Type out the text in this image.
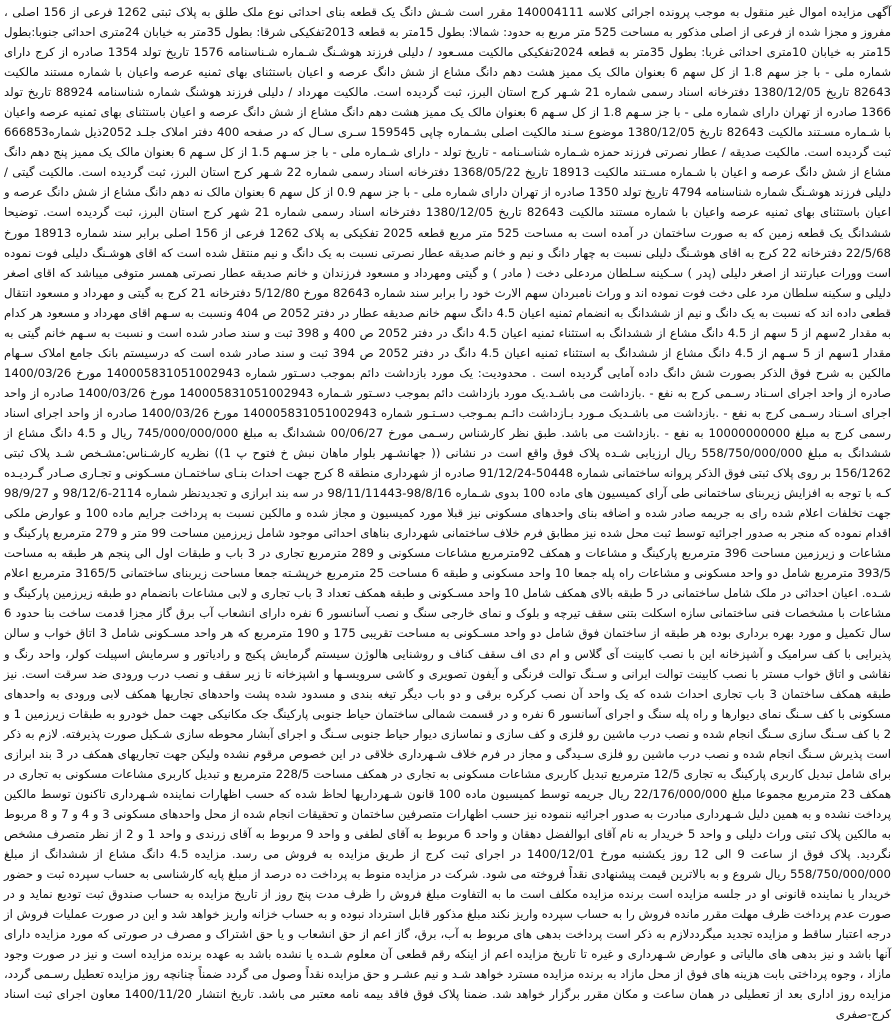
آگهی مزایده اموال غیر منقول به موجب پرونده اجرائی کلاسه 140004111 مقرر است شـش دانگ یک قطعه بنای احداثی نوع ملک طلق به پلاک ثبتی 1262 فرعی از 156 اصلی ، مفروز و مجزا شده از فرعی از اصلی مذکور به مساحت 525 متر مربع به حدود: شمالا: بطول 15متر به قطعه 2013تفکیکی شرقا: بطول 35متر به خیابان 24متری احداثی جنوبا:بطول 15متر به خیابان 10متری احداثی غربا: بطول 35متر به قطعه 2024تفکیکی مالکیت مسـعود / دلیلی فرزند هوشـنگ شـماره شـناسنامه 1576 تاریخ تولد 1354 صادره از کرج دارای شماره ملی - با جز سهم 1.8 از کل سهم 6 بعنوان مالک یک ممیز هشت دهم دانگ مشاع از شش دانگ عرصه و اعیان باستثنای بهای ثمنیه عرصه واعیان با شماره مستند مالکیت 82643 تاریخ 1380/12/05 دفترخانه اسناد رسمی شماره 21 شـهر کرج استان البرز، ثبت گردیده است. مالکیت مهرداد / دلیلی فرزند هوشنگ شماره شناسنامه 88924 تاریخ تولد 1366 صادره از تهران دارای شماره ملی - با جز سـهم 1.8 از کل سـهم 6 بعنوان مالک یک ممیز هشت دهم دانگ مشاع از شش دانگ عرصه و اعیان باستثنای بهای ثمنیه عرصه واعیان با شـماره مسـتند مالکیت 82643 تاریخ 1380/12/05 موضوع سـند مالکیت اصلی بشـماره چاپی 159545 سـری سـال که در صفحه 400 دفتر املاک جلـد 2052ذیل شماره666853 ثبت گردیده است. مالکیت صدیقه / عطار نصرتی فرزند حمزه شـماره شناسـنامه - تاریخ تولد - دارای شـماره ملی - با جز سـهم 1.5 از کل سـهم 6 بعنوان مالک یک ممیز پنج دهم دانگ مشاع از شش دانگ عرصه و اعیان با شـماره مسـتند مالکیت 18913 تاریخ 1368/05/22 دفترخانه اسناد رسمی شماره 22 شـهر کرج استان البرز، ثبت گردیده است. مالکیت گیتی / دلیلی فرزند هوشـنگ شماره شناسنامه 4794 تاریخ تولد 1350 صادره از تهران دارای شماره ملی - با جز سهم 0.9 از کل سهم 6 بعنوان مالک نه دهم دانگ مشاع از شش دانگ عرصه و اعیان باستثنای بهای ثمنیه عرصه واعیان با شماره مستند مالکیت 82643 تاریخ 1380/12/05 دفترخانه اسناد رسمی شماره 21 شهر کرج استان البرز، ثبت گردیده است. توضیحا ششدانگ یک قطعه زمین که به صورت ساختمان در آمده است به مساحت 525 متر مربع قطعه 2025 تفکیکی به پلاک 1262 فرعی از 156 اصلی برابر سند شماره 18913 مورخ 22/5/68 دفترخانه 22 کرج به اقای هوشـنگ دلیلی نسبت به چهار دانگ و نیم و خانم صدیقه عطار نصرتی نسبت به یک دانگ و نیم منتقل شده است که اقای هوشـنگ دلیلی فوت نموده است وورات عبارتند از اصغر دلیلی (پدر ) سـکینه سـلطان مردعلی دخت ( مادر ) و گیتی ومهرداد و مسعود فرزندان و خانم صدیقه عطار نصرتی همسر متوفی میباشد که اقای اصغر دلیلی و سکینه سلطان مرد علی دخت فوت نموده اند و وراث نامبردان سهم الارث خود را برابر سند شماره 82643 مورخ 5/12/80 دفترخانه 21 کرج به گیتی و مهرداد و مسعود انتقال قطعی داده اند که نسبت به یک دانگ و نیم از ششدانگ به انضمام ثمنیه اعیان 4.5 دانگ سهم خانم صدیقه عطار در دفتر 2052 ص 404 ونسبت به سـهم اقای مهرداد و مسعود هر کدام به مقدار 2سهم از 5 سهم از 4.5 دانگ مشاع از ششدانگ به استثناء ثمنیه اعیان 4.5 دانگ در دفتر 2052 ص 400 و 398 ثبت و سند صادر شده است و نسبت به سـهم خانم گیتی به مقدار 1سهم از 5 سـهم از 4.5 دانگ مشاع از ششدانگ به استثناء ثمنیه اعیان 4.5 دانگ در دفتر 2052 ص 394 ثبت و سند صادر شده است که درسیستم بانک جامع املاک سـهام مالکین به شرح فوق الذکر بصورت شش دانگ داده آمایی گردیده است . محدودیت: یک مورد بازداشت دائم بموجب دسـتور شماره 140005831051002943 مورخ 1400/03/26 صادره از واحد اجرای اسـناد رسـمی کرج به نفع - .بازداشت می باشـد.یک مورد بازداشت دائم بموجب دسـتور شـماره 140005831051002943 مورخ 1400/03/26 صادره از واحد اجرای اسـناد رسـمی کرج به نفع - .بازداشت می باشـدیک مـورد بـازداشت دائـم بمـوجب دسـتـور شماره 140005831051002943 مورخ 1400/03/26 صادره از واحد اجرای اسناد رسمی کرج به مبلغ 10000000000 به نفع - .بازداشت می باشد. طبق نظر کارشناس رسـمی مورخ 00/06/27 ششدانگ به مبلغ 745/000/000/000 ریال و 4.5 دانگ مشاع از ششدانگ به مبلغ 558/750/000/000 ریال ارزیابی شـده پلاک فوق واقع است در نشانی (( جهانشـهر بلوار ماهان نبش خ فتوح پ 1)) نظریه کارشـناس:مشـخص شـد پلاک ثبتی 156/1262 بر روی پلاک ثبتی فوق الذکر پروانه ساختمانی شماره 50448-91/12/24 صادره از شهرداری منطقه 8 کرج جهت احداث بنـای ساختمـان مسـکونی و تجـاری صـادر گـردیـده کـه با توجه به افزایش زیربنای ساختمانی طی آرای کمیسیون های ماده 100 بدوی شـماره 98/8/16-98/11/11443 در سه بند ابرازی و تجدیدنظر شماره 2114-98/12/6 و 98/9/27 جهت تخلفات اعلام شده رای به جریمه صادر شده و اضافه بنای واحدهای مسکونی نیز قبلا مورد کمیسیون و مجاز شده و مالکین نسبت به پرداخت جرایم ماده 100 و عوارض ملکی اقدام نموده که منجر به صدور اجرائیه توسط ثبت محل شده نیز مطابق فرم خلاف ساختمانی شهرداری بناهای احداثی موجود شامل زیرزمین مساحت 99 متر و 279 مترمربع پارکینگ و مشاعات و زیرزمین مساحت 396 مترمربع پارکینگ و مشاعات و همکف 92مترمربع مشاعات مسکونی و 289 مترمربع تجاری در 3 باب و طبقات اول الی پنجم هر طبقه به مساحت 393/5 مترمربع شامل دو واحد مسکونی و مشاعات راه پله جمعا 10 واحد مسکونی و طبقه 6 مساحت 25 مترمربع خرپشـته جمعا مساحت زیربنای ساختمانی 3165/5 مترمربع اعلام شـده. اعیان احداثی در ملک شامل ساختمانی در 5 طبقه بالای همکف شامل 10 واحد مسـکونی و طبقه همکف تعداد 3 باب تجاری و لابی مشاعات بانضمام دو طبقه زیرزمین پارکینگ و مشاعات با مشخصات فنی ساختمانی سازه اسکلت بتنی سقف تیرچه و بلوک و نمای خارجی سنگ و نصب آسانسور 6 نفره دارای انشعاب آب برق گاز مجزا قدمت ساخت بنا حدود 6 سال تکمیل و مورد بهره برداری بوده هر طبقه از ساختمان فوق شامل دو واحد مسـکونی به مساحت تقریبی 175 و 190 مترمربع که هر واحد مسـکونی شامل 3 اتاق خواب و سالن پذیرایی با کف سرامیک و آشپزخانه این با نصب کابینت آی گلاس و ام دی اف سقف کناف و روشنایی هالوژن سیستم گرمایش پکیج و رادیاتور و سرمایش اسپیلت کولر، واحد رنگ و نقاشی و اتاق خواب مستر با نصب کابینت توالت ایرانی و سـنگ توالت فرنگی و آیفون تصویری و کاشی سرویسـها و اشپزخانه تا زیر سقف و نصب درب ورودی ضد سرقت است. نیز طبقه همکف ساختمان 3 باب تجاری احداث شده که یک واحد آن نصب کرکره برقی و دو باب دیگر تیغه بندی و مسدود شده پشت واحدهای تجاریها همکف لابی ورودی به واحدهای مسکونی با کف سـنگ نمای دیوارها و راه پله سنگ و اجرای آسانسور 6 نفره و در قسمت شمالی ساختمان حیاط جنوبی پارکینگ جک مکانیکی جهت حمل خودرو به طبقات زیرزمین 1 و 2 با کف سـنگ سازی سـنگ انجام شده و نصب درب ماشین رو فلزی و کف سازی و نماسازی دیوار حیاط جنوبی سـنگ و اجرای آبشار محوطه سازی شـکیل صورت پذیرفته. لازم به ذکر است پذیرش سـنگ انجام شده و نصب درب ماشین رو فلزی سـیدگی و مجاز در فرم خلاف شـهرداری خلاقی در این خصوص مرقوم نشده ولیکن جهت تجاریهای همکف در 3 بند ابرازی برای شامل تبدیل کاربری پارکینگ به تجاری 12/5 مترمربع تبدیل کاربری مشاعات مسکونی به تجاری در همکف مساحت 228/5 مترمربع و تبدیل کاربری مشاعات مسکونی به تجاری در همکف 23 مترمربع مجموعا مبلغ 22/176/000/000 ریال جریمه توسط کمیسیون ماده 100 قانون شـهرداریها لحاظ شده که حسب اظهارات نماینده شـهرداری تاکنون توسط مالکین پرداخت نشده و به همین دلیل شـهرداری مبادرت به صدور اجرائیه ننموده نیز حسب اظهارات متصرفین ساختمان و تحقیقات انجام شده از محل واحدهای مسکونی 3 و 4 و 7 و 8 مربوط به مالکین پلاک ثبتی وراث دلیلی و واحد 5 خریدار به نام آقای ابوالفضل دهقان و واحد 6 مربوط به آقای لطفی و واحد 9 مربوط به آقای زرندی و واحد 1 و 2 از نظر متصرف مشخص نگردید. پلاک فوق از ساعت 9 الی 12 روز یکشنبه مورخ 1400/12/01 در اجرای ثبت کرج از طریق مزایده به فروش می رسد. مزایده 4.5 دانگ مشاع از ششدانگ از مبلغ 558/750/000/000 ریال شروع و به بالاترین قیمت پیشنهادی نقداً فروخته می شود. شرکت در مزایده منوط به پرداخت ده درصد از مبلغ پایه کارشناسی به حساب سپرده ثبت و حضور خریدار یا نماینده قانونی او در جلسه مزایده است برنده مزایده مکلف است ما به التفاوت مبلغ فروش را ظرف مدت پنج روز از تاریخ مزایده به حساب صندوق ثبت تودیع نماید و در صورت عدم پرداخت ظرف مهلت مقرر مانده فروش را به حساب سپرده واریز نکند مبلغ مذکور قابل استرداد نبوده و به حساب خزانه واریز خواهد شد و این در صورت عملیات فروش از درجه اعتبار ساقط و مزایده تجدید میگرددلازم به ذکر است پرداخت بدهی های مربوط به آب، برق، گاز اعم از حق انشعاب و یا حق اشتراک و مصرف در صورتی که مورد مزایده دارای آنها باشد و نیز بدهی های مالیاتی و عوارض شـهرداری و غیره تا تاریخ مزایده اعم از اینکه رقم قطعی آن معلوم شـده یا نشده باشد به عهده برنده مزایده است و نیز در صورت وجود مازاد ، وجوه پرداختی بابت هزینه های فوق از محل مازاد به برنده مزایده مسترد خواهد شـد و نیم عشـر و حق مزایده نقداً وصول می گردد ضمناً چنانچه روز مزایده تعطیل رسـمی گردد، مزایده روز اداری بعد از تعطیلی در همان ساعت و مکان مقرر برگزار خواهد شد. ضمنا پلاک فوق فاقد بیمه نامه معتبر می باشد. تاریخ انتشار 1400/11/20 معاون اجرای ثبت اسناد کرج-صفری
